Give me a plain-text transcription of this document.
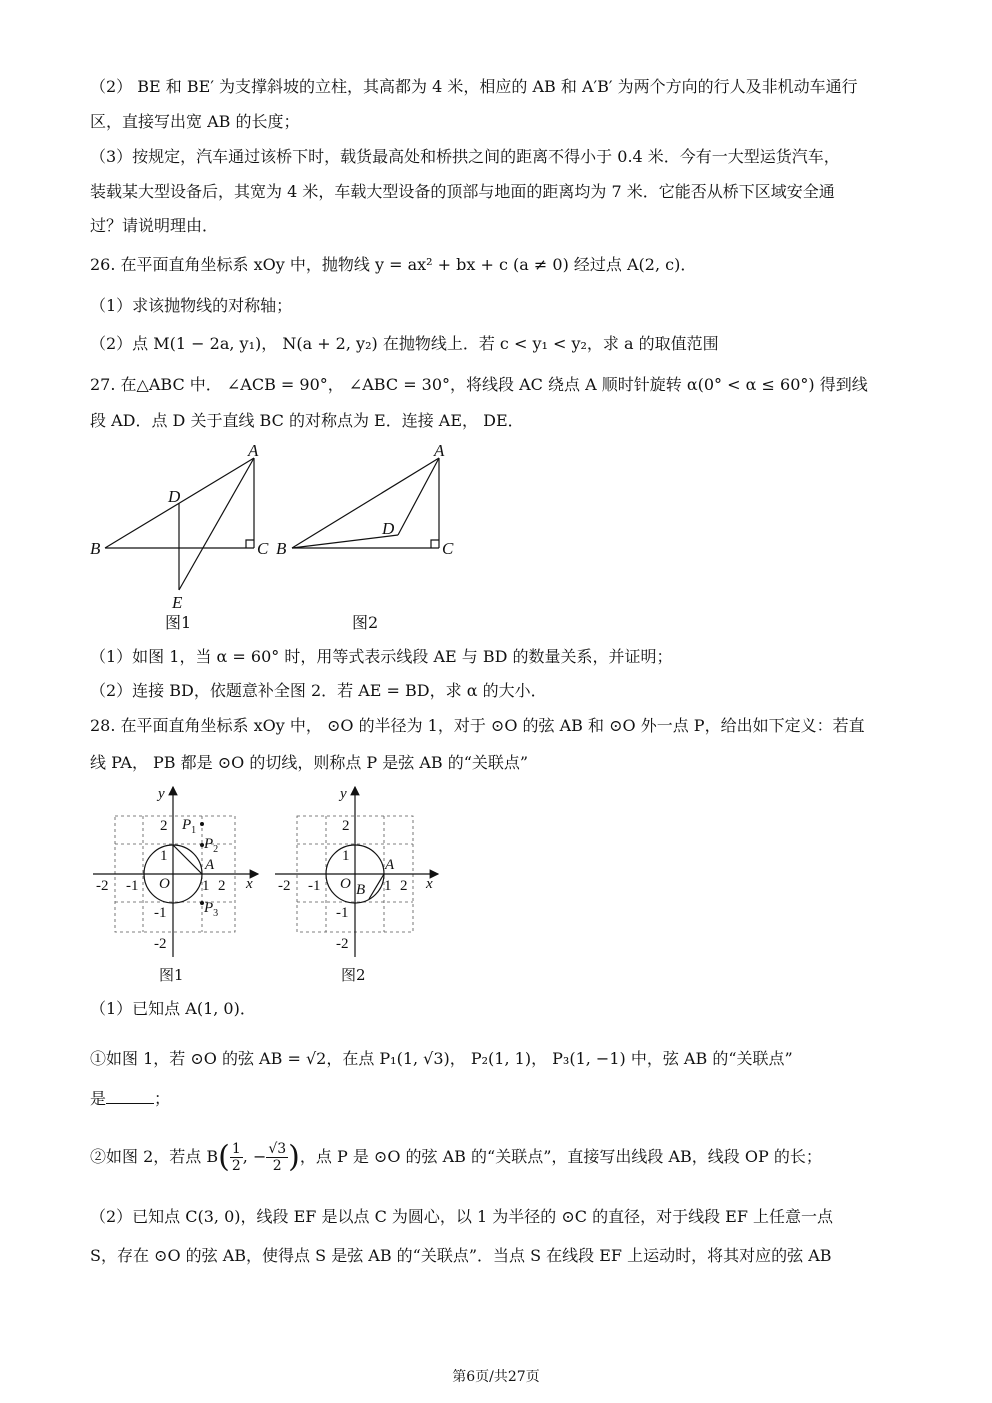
（2） BE 和 BE′ 为支撑斜坡的立柱，其高都为 4 米，相应的 AB 和 A′B′ 为两个方向的行人及非机动车通行
区，直接写出宽 AB 的长度；
（3）按规定，汽车通过该桥下时，载货最高处和桥拱之间的距离不得小于 0.4 米．今有一大型运货汽车，
装载某大型设备后，其宽为 4 米，车载大型设备的顶部与地面的距离均为 7 米．它能否从桥下区域安全通
过？请说明理由．
26. 在平面直角坐标系 xOy 中，抛物线 y = ax² + bx + c (a ≠ 0) 经过点 A(2, c)．
（1）求该抛物线的对称轴；
（2）点 M(1 − 2a, y₁)， N(a + 2, y₂) 在抛物线上．若 c < y₁ < y₂，求 a 的取值范围
27. 在△ABC 中． ∠ACB = 90°， ∠ABC = 30°，将线段 AC 绕点 A 顺时针旋转 α(0° < α ≤ 60°) 得到线
段 AD．点 D 关于直线 BC 的对称点为 E．连接 AE， DE．
A
B	C
D
E
A
B	C
D
图1	图2
（1）如图 1，当 α = 60° 时，用等式表示线段 AE 与 BD 的数量关系，并证明；
（2）连接 BD，依题意补全图 2．若 AE = BD，求 α 的大小．
28. 在平面直角坐标系 xOy 中， ⊙O 的半径为 1，对于 ⊙O 的弦 AB 和 ⊙O 外一点 P，给出如下定义：若直
线 PA， PB 都是 ⊙O 的切线，则称点 P 是弦 AB 的“关联点”
y
x
O
-2 -1	1 2
2
1
-1
-2
A
$P_1$
$P_2$
$P_3$
图1
y
x
O
-2 -1	1 2
2
1
-1
-2
A
B
图2
（1）已知点 A(1, 0)．
①如图 1，若 ⊙O 的弦 AB = √2，在点 P₁(1, √3)， P₂(1, 1)， P₃(1, −1) 中，弦 AB 的“关联点”
是	；
②如图 2，若点 $B( \frac{1}{2}$ , − $\frac{√3}{2}$ )，点 P 是 ⊙O 的弦 AB 的“关联点”，直接写出线段 AB，线段 OP 的长；
（2）已知点 C(3, 0)，线段 EF 是以点 C 为圆心，以 1 为半径的 ⊙C 的直径，对于线段 EF 上任意一点
S，存在 ⊙O 的弦 AB，使得点 S 是弦 AB 的“关联点”．当点 S 在线段 EF 上运动时，将其对应的弦 AB
第6页/共27页
